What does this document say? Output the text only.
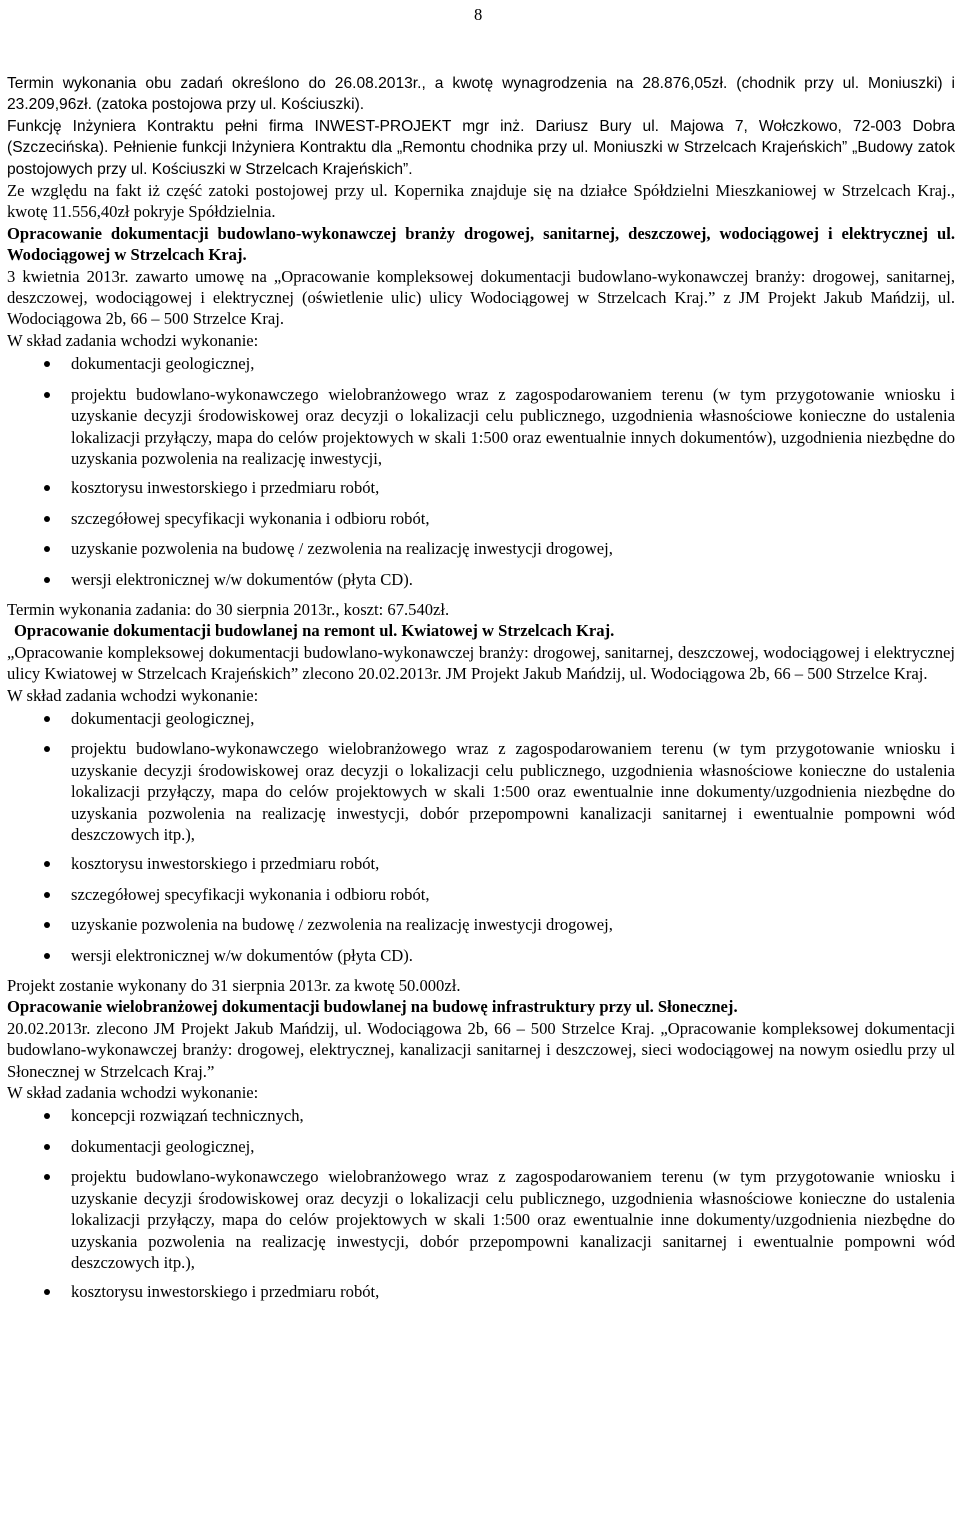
8

Termin wykonania obu zadań określono do 26.08.2013r., a kwotę wynagrodzenia na 28.876,05zł. (chodnik przy ul. Moniuszki) i 23.209,96zł. (zatoka postojowa przy ul. Kościuszki).

Funkcję Inżyniera Kontraktu pełni firma INWEST-PROJEKT mgr inż. Dariusz Bury ul. Majowa 7, Wołczkowo, 72-003 Dobra (Szczecińska). Pełnienie funkcji Inżyniera Kontraktu dla „Remontu chodnika przy ul. Moniuszki w Strzelcach Krajeńskich” „Budowy zatok postojowych przy ul. Kościuszki w Strzelcach Krajeńskich”.

Ze względu na fakt iż część zatoki postojowej przy ul. Kopernika znajduje się na działce Spółdzielni Mieszkaniowej w Strzelcach Kraj., kwotę 11.556,40zł pokryje Spółdzielnia.

Opracowanie dokumentacji budowlano-wykonawczej branży drogowej, sanitarnej, deszczowej, wodociągowej i elektrycznej ul. Wodociągowej w Strzelcach Kraj.

3 kwietnia 2013r. zawarto umowę na „Opracowanie kompleksowej dokumentacji budowlano-wykonawczej branży: drogowej, sanitarnej, deszczowej, wodociągowej i elektrycznej (oświetlenie ulic) ulicy Wodociągowej w Strzelcach Kraj.” z JM Projekt Jakub Mańdzij, ul. Wodociągowa 2b, 66 – 500 Strzelce Kraj.

W skład zadania wchodzi wykonanie:

dokumentacji geologicznej,
projektu budowlano-wykonawczego wielobranżowego wraz z zagospodarowaniem terenu (w tym przygotowanie wniosku i uzyskanie decyzji środowiskowej oraz decyzji o lokalizacji celu publicznego, uzgodnienia własnościowe konieczne do ustalenia lokalizacji przyłączy, mapa do celów projektowych w skali 1:500 oraz ewentualnie innych dokumentów), uzgodnienia niezbędne do uzyskania pozwolenia na realizację inwestycji,
kosztorysu inwestorskiego i przedmiaru robót,
szczegółowej specyfikacji wykonania i odbioru robót,
uzyskanie pozwolenia na budowę / zezwolenia na realizację inwestycji drogowej,
wersji elektronicznej w/w dokumentów (płyta CD).

Termin wykonania zadania: do 30 sierpnia 2013r., koszt: 67.540zł.

Opracowanie dokumentacji budowlanej na remont ul. Kwiatowej w Strzelcach Kraj.

„Opracowanie kompleksowej dokumentacji budowlano-wykonawczej branży: drogowej, sanitarnej, deszczowej, wodociągowej i elektrycznej ulicy Kwiatowej w Strzelcach Krajeńskich” zlecono 20.02.2013r. JM Projekt Jakub Mańdzij, ul. Wodociągowa 2b, 66 – 500 Strzelce Kraj.

W skład zadania wchodzi wykonanie:

dokumentacji geologicznej,
projektu budowlano-wykonawczego wielobranżowego wraz z zagospodarowaniem terenu (w tym przygotowanie wniosku i uzyskanie decyzji środowiskowej oraz decyzji o lokalizacji celu publicznego, uzgodnienia własnościowe konieczne do ustalenia lokalizacji przyłączy, mapa do celów projektowych w skali 1:500 oraz ewentualnie inne dokumenty/uzgodnienia niezbędne do uzyskania pozwolenia na realizację inwestycji, dobór przepompowni kanalizacji sanitarnej i ewentualnie pompowni wód deszczowych itp.),
kosztorysu inwestorskiego i przedmiaru robót,
szczegółowej specyfikacji wykonania i odbioru robót,
uzyskanie pozwolenia na budowę / zezwolenia na realizację inwestycji drogowej,
wersji elektronicznej w/w dokumentów (płyta CD).

Projekt zostanie wykonany do 31 sierpnia 2013r. za kwotę 50.000zł.

Opracowanie wielobranżowej dokumentacji budowlanej na budowę infrastruktury przy ul. Słonecznej.

20.02.2013r. zlecono JM Projekt Jakub Mańdzij, ul. Wodociągowa 2b, 66 – 500 Strzelce Kraj. „Opracowanie kompleksowej dokumentacji budowlano-wykonawczej branży: drogowej, elektrycznej, kanalizacji sanitarnej i deszczowej, sieci wodociągowej na nowym osiedlu przy ul Słonecznej w Strzelcach Kraj.”

W skład zadania wchodzi wykonanie:

koncepcji rozwiązań technicznych,
dokumentacji geologicznej,
projektu budowlano-wykonawczego wielobranżowego wraz z zagospodarowaniem terenu (w tym przygotowanie wniosku i uzyskanie decyzji środowiskowej oraz decyzji o lokalizacji celu publicznego, uzgodnienia własnościowe konieczne do ustalenia lokalizacji przyłączy, mapa do celów projektowych w skali 1:500 oraz ewentualnie inne dokumenty/uzgodnienia niezbędne do uzyskania pozwolenia na realizację inwestycji, dobór przepompowni kanalizacji sanitarnej i ewentualnie pompowni wód deszczowych itp.),
kosztorysu inwestorskiego i przedmiaru robót,
